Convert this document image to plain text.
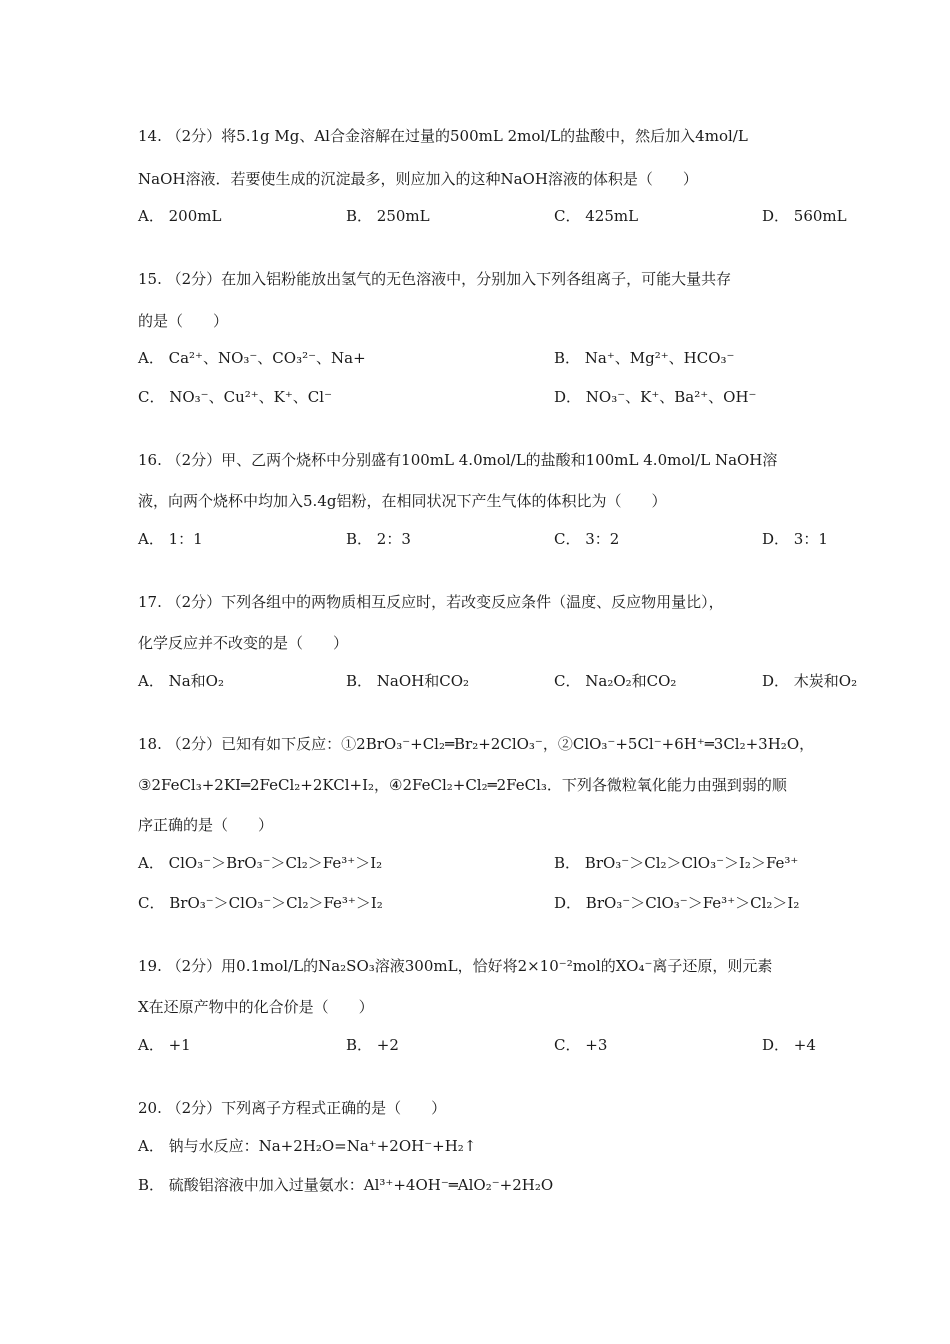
14. （2分）将5.1g Mg、Al合金溶解在过量的500mL 2mol/L的盐酸中，然后加入4mol/L
NaOH溶液．若要使生成的沉淀最多，则应加入的这种NaOH溶液的体积是（　　）
A． 200mL	B． 250mL	C． 425mL	D． 560mL
15. （2分）在加入铝粉能放出氢气的无色溶液中，分别加入下列各组离子，可能大量共存
的是（　　）
A． Ca²⁺、NO₃⁻、CO₃²⁻、Na+	B． Na⁺、Mg²⁺、HCO₃⁻
C． NO₃⁻、Cu²⁺、K⁺、Cl⁻	D． NO₃⁻、K⁺、Ba²⁺、OH⁻
16. （2分）甲、乙两个烧杯中分别盛有100mL 4.0mol/L的盐酸和100mL 4.0mol/L NaOH溶
液，向两个烧杯中均加入5.4g铝粉，在相同状况下产生气体的体积比为（　　）
A． 1：1	B． 2：3	C． 3：2	D． 3：1
17. （2分）下列各组中的两物质相互反应时，若改变反应条件（温度、反应物用量比），
化学反应并不改变的是（　　）
A． Na和O₂	B． NaOH和CO₂	C． Na₂O₂和CO₂	D． 木炭和O₂
18. （2分）已知有如下反应：①2BrO₃⁻+Cl₂═Br₂+2ClO₃⁻，②ClO₃⁻+5Cl⁻+6H⁺═3Cl₂+3H₂O，
③2FeCl₃+2KI═2FeCl₂+2KCl+I₂，④2FeCl₂+Cl₂═2FeCl₃．下列各微粒氧化能力由强到弱的顺
序正确的是（　　）
A． ClO₃⁻＞BrO₃⁻＞Cl₂＞Fe³⁺＞I₂	B． BrO₃⁻＞Cl₂＞ClO₃⁻＞I₂＞Fe³⁺
C． BrO₃⁻＞ClO₃⁻＞Cl₂＞Fe³⁺＞I₂	D． BrO₃⁻＞ClO₃⁻＞Fe³⁺＞Cl₂＞I₂
19. （2分）用0.1mol/L的Na₂SO₃溶液300mL，恰好将2×10⁻²mol的XO₄⁻离子还原，则元素
X在还原产物中的化合价是（　　）
A． +1	B． +2	C． +3	D． +4
20. （2分）下列离子方程式正确的是（　　）
A． 钠与水反应：Na+2H₂O=Na⁺+2OH⁻+H₂↑
B． 硫酸铝溶液中加入过量氨水：Al³⁺+4OH⁻═AlO₂⁻+2H₂O
